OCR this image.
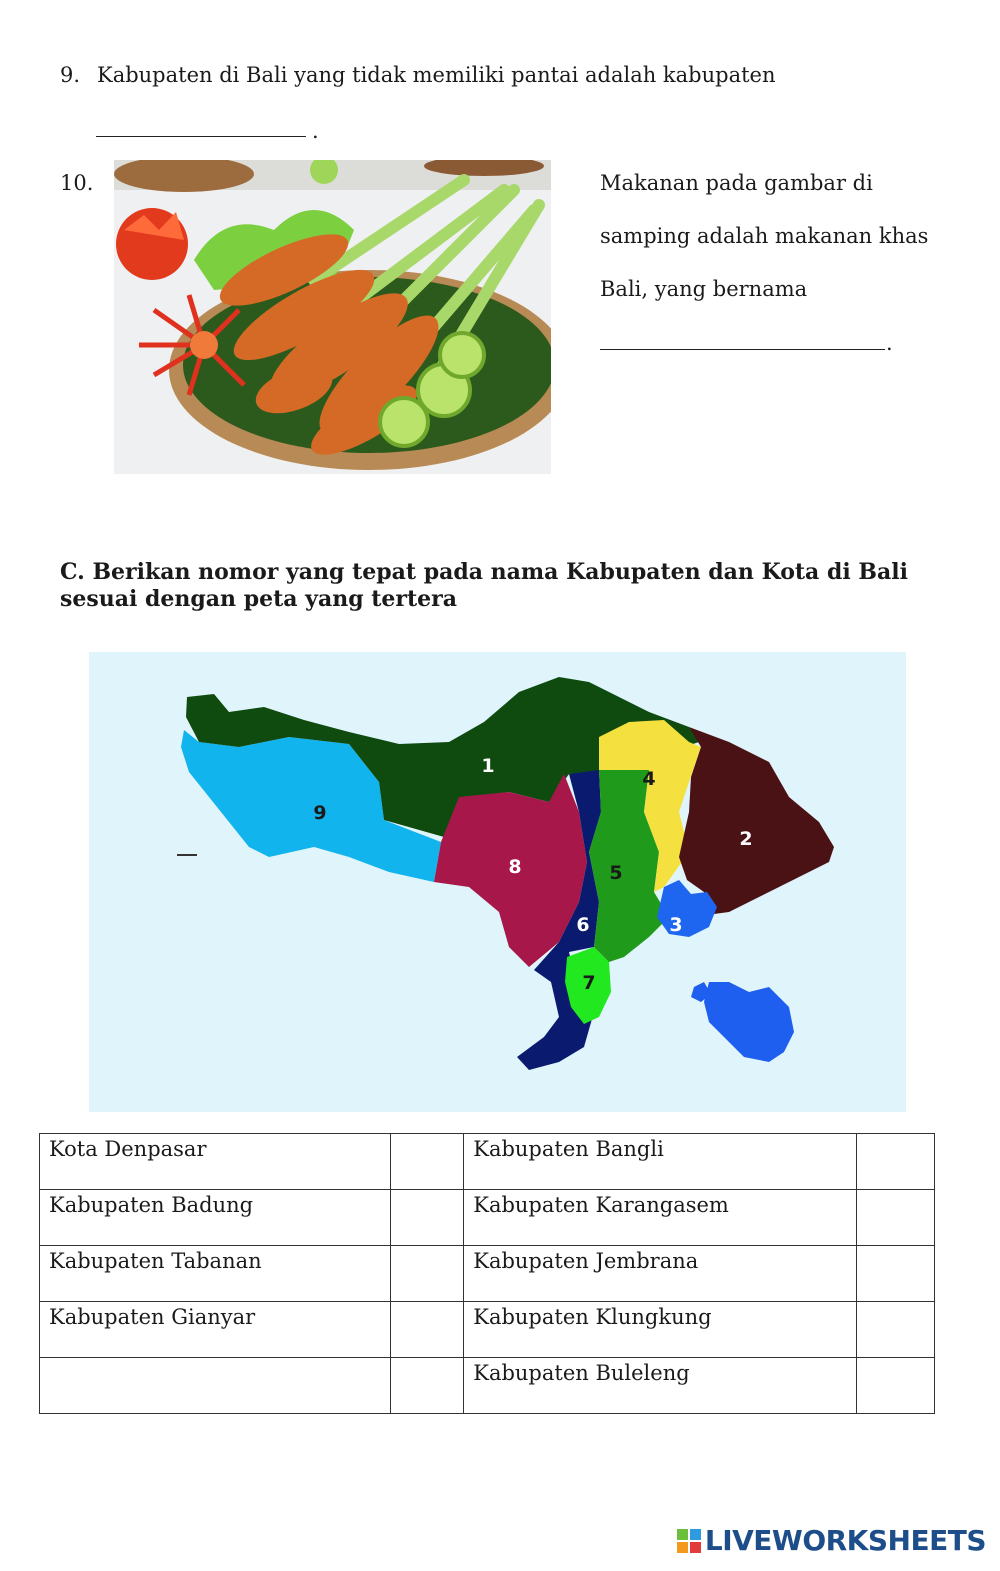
9. Kabupaten di Bali yang tidak memiliki pantai adalah kabupaten
.
10.	Makanan pada gambar di
samping adalah makanan khas
Bali, yang bernama
.
C. Berikan nomor yang tepat pada nama Kabupaten dan Kota di Bali sesuai dengan peta yang tertera
1
2
3
4
5
6
7
8
9
Kota Denpasar		Kabupaten Bangli	
Kabupaten Badung		Kabupaten Karangasem	
Kabupaten Tabanan		Kabupaten Jembrana	
Kabupaten Gianyar		Kabupaten Klungkung	
		Kabupaten Buleleng	
LIVEWORKSHEETS
